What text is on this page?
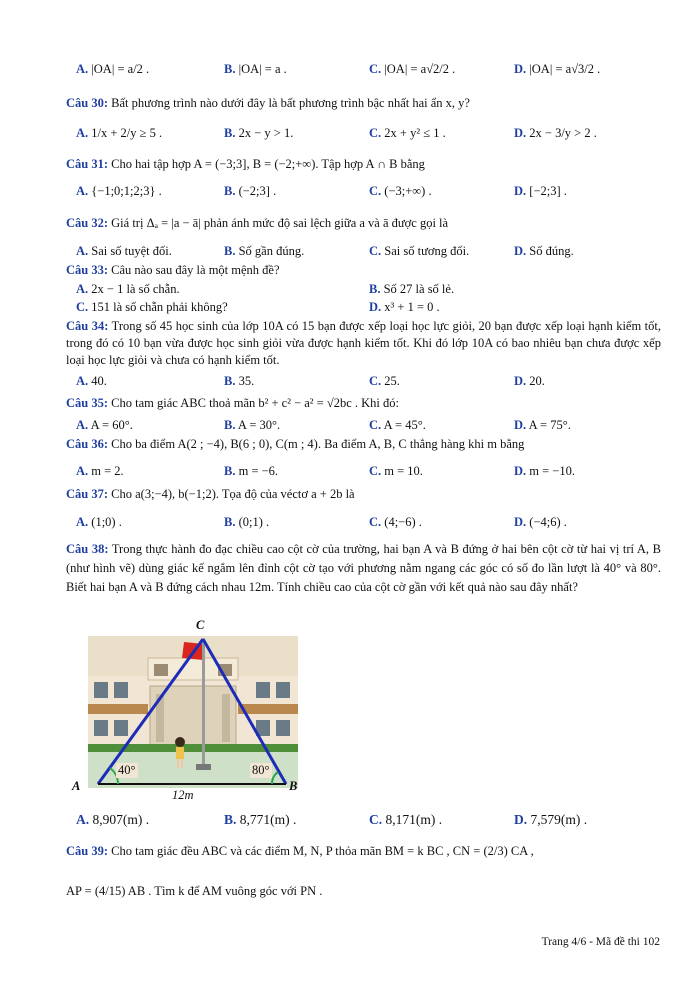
A. |OA| = a/2 .	B. |OA| = a .	C. |OA| = a√2/2 .	D. |OA| = a√3/2 .
Câu 30: Bất phương trình nào dưới đây là bất phương trình bậc nhất hai ẩn x, y?
A. 1/x + 2/y ≥ 5 .	B. 2x − y > 1.	C. 2x + y² ≤ 1 .	D. 2x − 3/y > 2 .
Câu 31: Cho hai tập hợp A = (−3;3], B = (−2;+∞). Tập hợp A ∩ B bằng
A. {−1;0;1;2;3} .	B. (−2;3] .	C. (−3;+∞) .	D. [−2;3] .
Câu 32: Giá trị Δₐ = |a − ā| phản ánh mức độ sai lệch giữa a và ā được gọi là
A. Sai số tuyệt đối.	B. Số gần đúng.	C. Sai số tương đối.	D. Số đúng.
Câu 33: Câu nào sau đây là một mệnh đề?
A. 2x − 1 là số chẵn.	B. Số 27 là số lẻ.
C. 151 là số chẵn phải không?	D. x³ + 1 = 0 .
Câu 34: Trong số 45 học sinh của lớp 10A có 15 bạn được xếp loại học lực giỏi, 20 bạn được xếp loại hạnh kiểm tốt, trong đó có 10 bạn vừa được học sinh giỏi vừa được hạnh kiểm tốt. Khi đó lớp 10A có bao nhiêu bạn chưa được xếp loại học lực giỏi và chưa có hạnh kiểm tốt.
A. 40.	B. 35.	C. 25.	D. 20.
Câu 35: Cho tam giác ABC thoả mãn b² + c² − a² = √2bc . Khi đó:
A. A = 60°.	B. A = 30°.	C. A = 45°.	D. A = 75°.
Câu 36: Cho ba điểm A(2 ; −4), B(6 ; 0), C(m ; 4). Ba điểm A, B, C thẳng hàng khi m bằng
A. m = 2.	B. m = −6.	C. m = 10.	D. m = −10.
Câu 37: Cho a(3;−4), b(−1;2). Tọa độ của véctơ a + 2b là
A. (1;0) .	B. (0;1) .	C. (4;−6) .	D. (−4;6) .
Câu 38: Trong thực hành đo đạc chiều cao cột cờ của trường, hai bạn A và B đứng ở hai bên cột cờ từ hai vị trí A, B (như hình vẽ) dùng giác kế ngắm lên đỉnh cột cờ tạo với phương nằm ngang các góc có số đo lần lượt là 40° và 80°. Biết hai bạn A và B đứng cách nhau 12m. Tính chiều cao của cột cờ gần với kết quả nào sau đây nhất?
C
A	B
40°	80°
12m
A. 8,907(m) .	B. 8,771(m) .	C. 8,171(m) .	D. 7,579(m) .
Câu 39: Cho tam giác đều ABC và các điểm M, N, P thỏa mãn BM = k BC , CN = (2/3) CA ,
AP = (4/15) AB . Tìm k để AM vuông góc với PN .
Trang 4/6 - Mã đề thi 102
